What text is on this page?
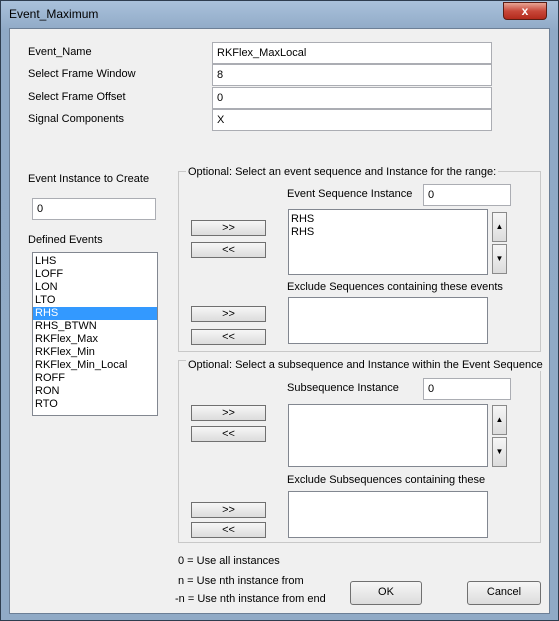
Event_Maximum	x
Event_Name	RKFlex_MaxLocal
Select Frame Window	8
Select Frame Offset	0
Signal Components	X
Event Instance to Create
0
Defined Events
LHS
LOFF
LON
LTO
RHS
RHS_BTWN
RKFlex_Max
RKFlex_Min
RKFlex_Min_Local
ROFF
RON
RTO
Optional: Select an event sequence and Instance for the range:
Event Sequence Instance	0
>>
<<
RHS
RHS	▲
▼
Exclude Sequences containing these events
>>
<<
Optional: Select a subsequence and Instance within the Event Sequence
Subsequence Instance	0
>>
<<
▲
▼
Exclude Subsequences containing these
>>
<<
0 = Use all instances
n = Use nth instance from
-n = Use nth instance from end
OK	Cancel
